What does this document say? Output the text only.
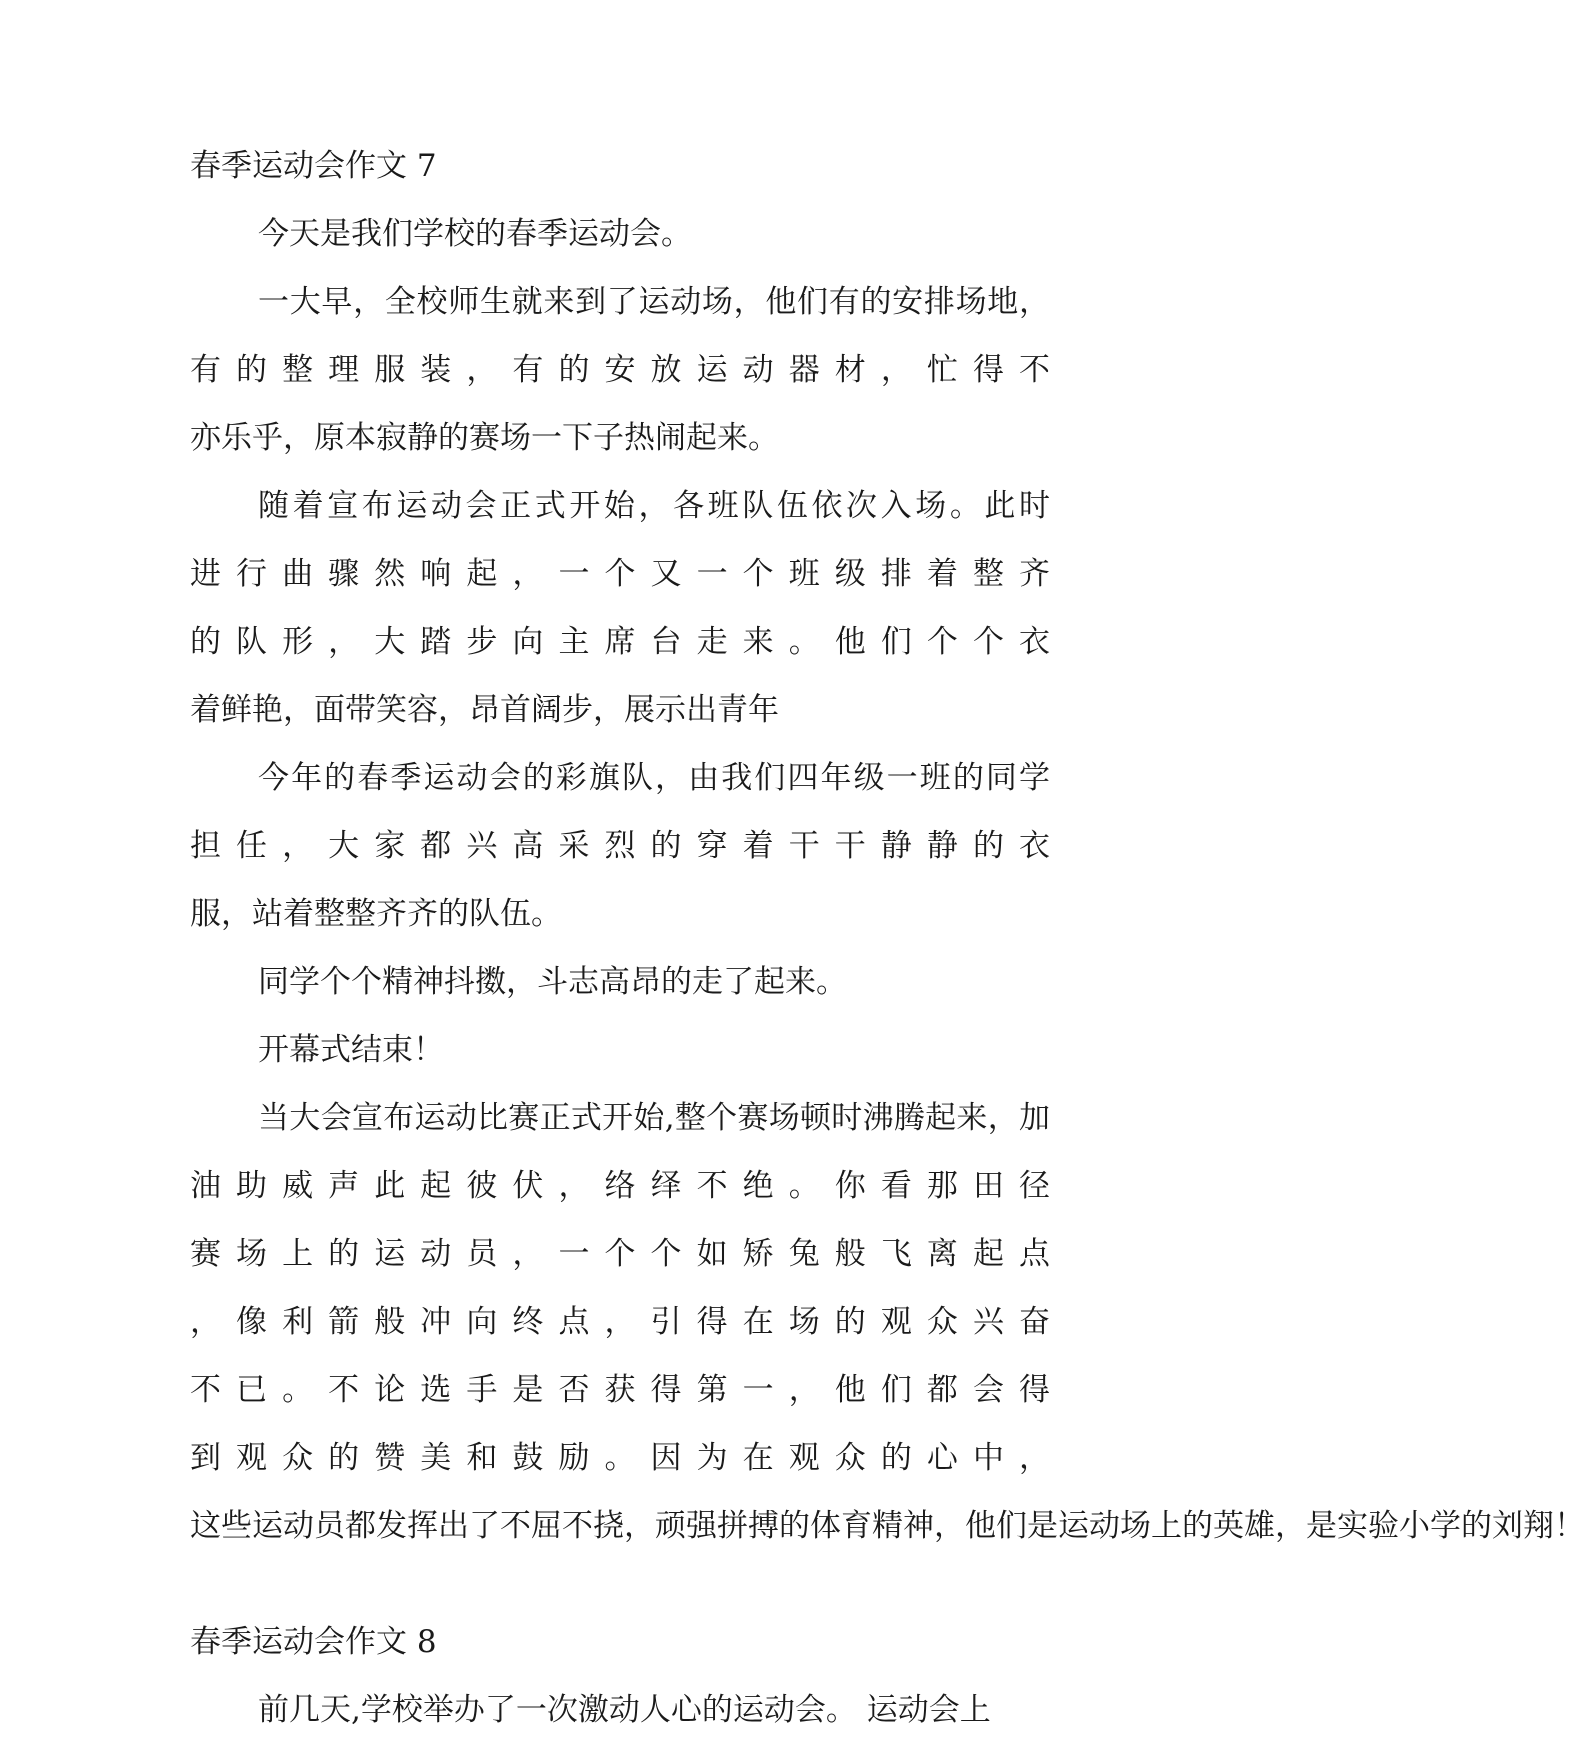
春季运动会作文 7
今天是我们学校的春季运动会。
一大早，全校师生就来到了运动场，他们有的安排场地，
有的整理服装，有的安放运动器材，忙得不
亦乐乎，原本寂静的赛场一下子热闹起来。
随着宣布运动会正式开始，各班队伍依次入场。此时
进行曲骤然响起，一个又一个班级排着整齐
的队形，大踏步向主席台走来。他们个个衣
着鲜艳，面带笑容，昂首阔步，展示出青年
今年的春季运动会的彩旗队，由我们四年级一班的同学
担任，大家都兴高采烈的穿着干干静静的衣
服，站着整整齐齐的队伍。
同学个个精神抖擞，斗志高昂的走了起来。
开幕式结束！
当大会宣布运动比赛正式开始,整个赛场顿时沸腾起来，加
油助威声此起彼伏，络绎不绝。你看那田径
赛场上的运动员，一个个如矫兔般飞离起点
，像利箭般冲向终点，引得在场的观众兴奋
不已。不论选手是否获得第一，他们都会得
到观众的赞美和鼓励。因为在观众的心中，
这些运动员都发挥出了不屈不挠，顽强拼搏的体育精神，他们是运动场上的英雄，是实验小学的刘翔！
春季运动会作文 8
前几天,学校举办了一次激动人心的运动会。 运动会上
